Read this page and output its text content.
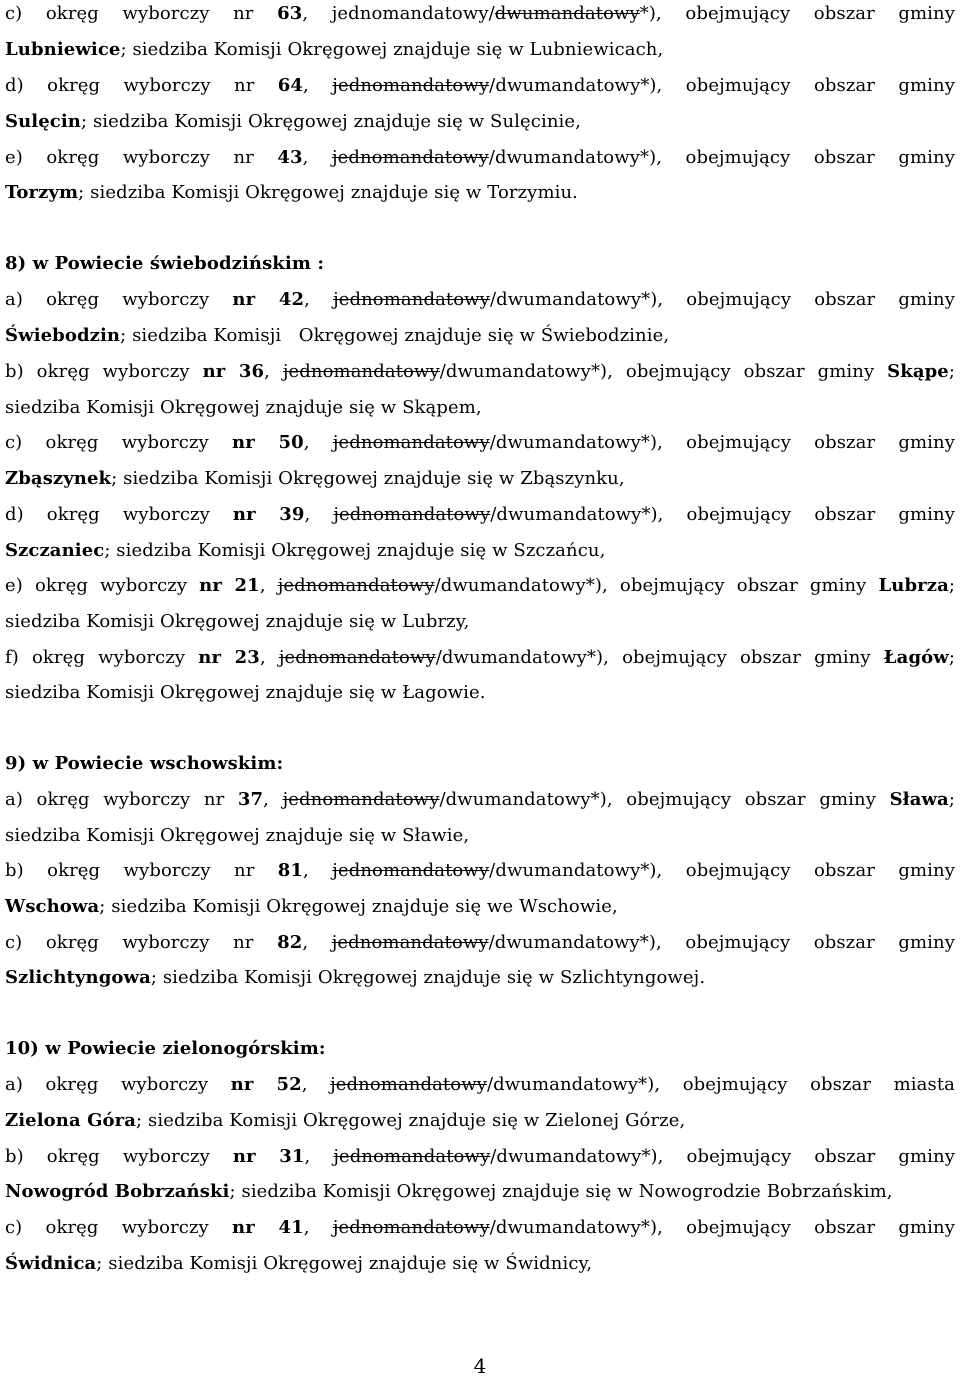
c) okręg wyborczy nr 63, jednomandatowy/dwumandatowy*), obejmujący obszar gminy
Lubniewice; siedziba Komisji Okręgowej znajduje się w Lubniewicach,
d) okręg wyborczy nr 64, jednomandatowy/dwumandatowy*), obejmujący obszar gminy
Sulęcin; siedziba Komisji Okręgowej znajduje się w Sulęcinie,
e) okręg wyborczy nr 43, jednomandatowy/dwumandatowy*), obejmujący obszar gminy
Torzym; siedziba Komisji Okręgowej znajduje się w Torzymiu.
8) w Powiecie świebodzińskim :
a) okręg wyborczy nr 42, jednomandatowy/dwumandatowy*), obejmujący obszar gminy
Świebodzin; siedziba Komisji   Okręgowej znajduje się w Świebodzinie,
b) okręg wyborczy nr 36, jednomandatowy/dwumandatowy*), obejmujący obszar gminy Skąpe;
siedziba Komisji Okręgowej znajduje się w Skąpem,
c) okręg wyborczy nr 50, jednomandatowy/dwumandatowy*), obejmujący obszar gminy
Zbąszynek; siedziba Komisji Okręgowej znajduje się w Zbąszynku,
d) okręg wyborczy nr 39, jednomandatowy/dwumandatowy*), obejmujący obszar gminy
Szczaniec; siedziba Komisji Okręgowej znajduje się w Szczańcu,
e) okręg wyborczy nr 21, jednomandatowy/dwumandatowy*), obejmujący obszar gminy Lubrza;
siedziba Komisji Okręgowej znajduje się w Lubrzy,
f) okręg wyborczy nr 23, jednomandatowy/dwumandatowy*), obejmujący obszar gminy Łagów;
siedziba Komisji Okręgowej znajduje się w Łagowie.
9) w Powiecie wschowskim:
a) okręg wyborczy nr 37, jednomandatowy/dwumandatowy*), obejmujący obszar gminy Sława;
siedziba Komisji Okręgowej znajduje się w Sławie,
b) okręg wyborczy nr 81, jednomandatowy/dwumandatowy*), obejmujący obszar gminy
Wschowa; siedziba Komisji Okręgowej znajduje się we Wschowie,
c) okręg wyborczy nr 82, jednomandatowy/dwumandatowy*), obejmujący obszar gminy
Szlichtyngowa; siedziba Komisji Okręgowej znajduje się w Szlichtyngowej.
10) w Powiecie zielonogórskim:
a) okręg wyborczy nr 52, jednomandatowy/dwumandatowy*), obejmujący obszar miasta
Zielona Góra; siedziba Komisji Okręgowej znajduje się w Zielonej Górze,
b) okręg wyborczy nr 31, jednomandatowy/dwumandatowy*), obejmujący obszar gminy
Nowogród Bobrzański; siedziba Komisji Okręgowej znajduje się w Nowogrodzie Bobrzańskim,
c) okręg wyborczy nr 41, jednomandatowy/dwumandatowy*), obejmujący obszar gminy
Świdnica; siedziba Komisji Okręgowej znajduje się w Świdnicy,
4
